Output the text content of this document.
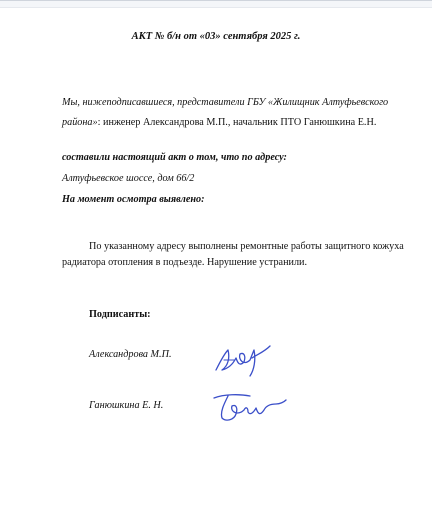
АКТ № б/н от «03» сентября 2025 г.
Мы, нижеподписавшиеся, представители ГБУ «Жилищник Алтуфьевского района»: инженер Александрова М.П., начальник ПТО Ганюшкина Е.Н.
составили настоящий акт о том, что по адресу:
Алтуфьевское шоссе, дом 66/2
На момент осмотра выявлено:
По указанному адресу выполнены ремонтные работы защитного кожуха радиатора отопления в подъезде. Нарушение устранили.
Подписанты:
Александрова М.П.
Ганюшкина Е. Н.
